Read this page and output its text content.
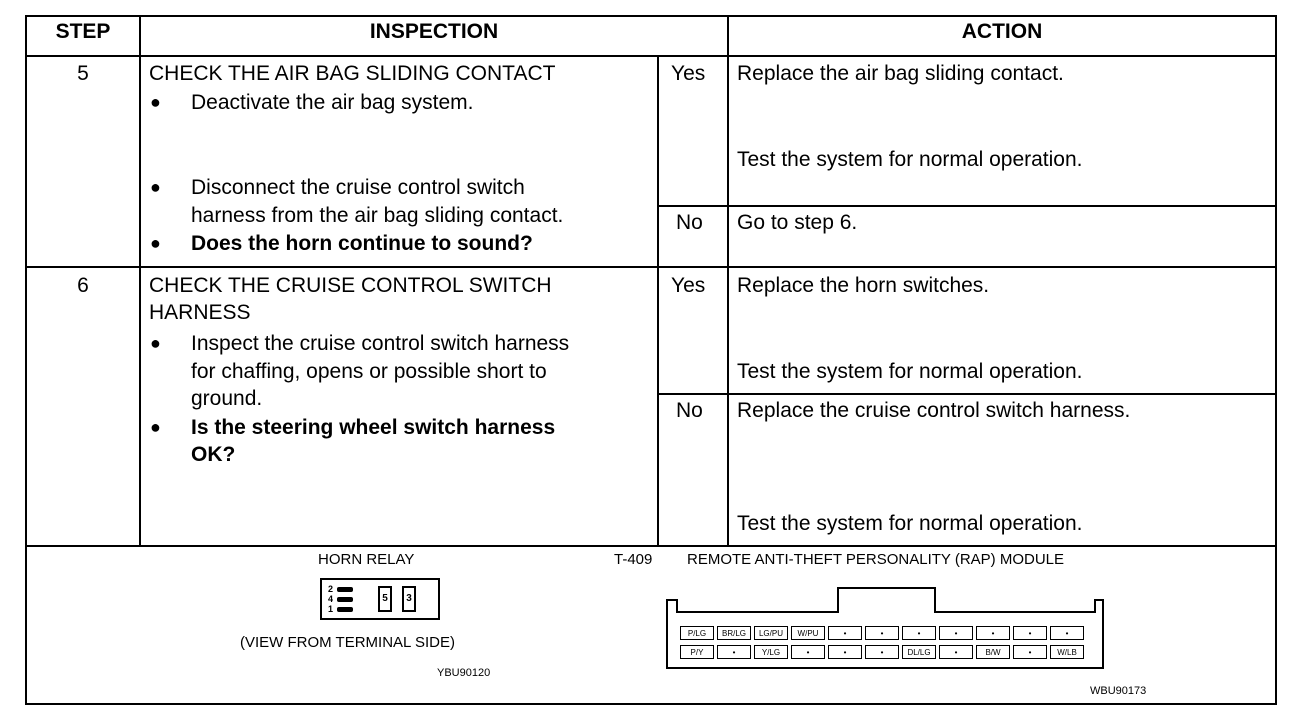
STEP	INSPECTION	ACTION
5	CHECK THE AIR BAG SLIDING CONTACT
● Deactivate the air bag system.
● Disconnect the cruise control switch
harness from the air bag sliding contact.
● Does the horn continue to sound?
Yes Replace the air bag sliding contact.
Test the system for normal operation.
No Go to step 6.
6	CHECK THE CRUISE CONTROL SWITCH
HARNESS
● Inspect the cruise control switch harness
for chaffing, opens or possible short to
ground.
● Is the steering wheel switch harness
OK?
Yes Replace the horn switches.
Test the system for normal operation.
No Replace the cruise control switch harness.
Test the system for normal operation.
HORN RELAY
2
4
1
5	3
(VIEW FROM TERMINAL SIDE)
YBU90120
T-409 REMOTE ANTI-THEFT PERSONALITY (RAP) MODULE
P/LG	BR/LG	LG/PU	W/PU	•	•	•	•	•	•	•
P/Y	•	Y/LG	•	•	•	DL/LG	•	B/W	•	W/LB
WBU90173
